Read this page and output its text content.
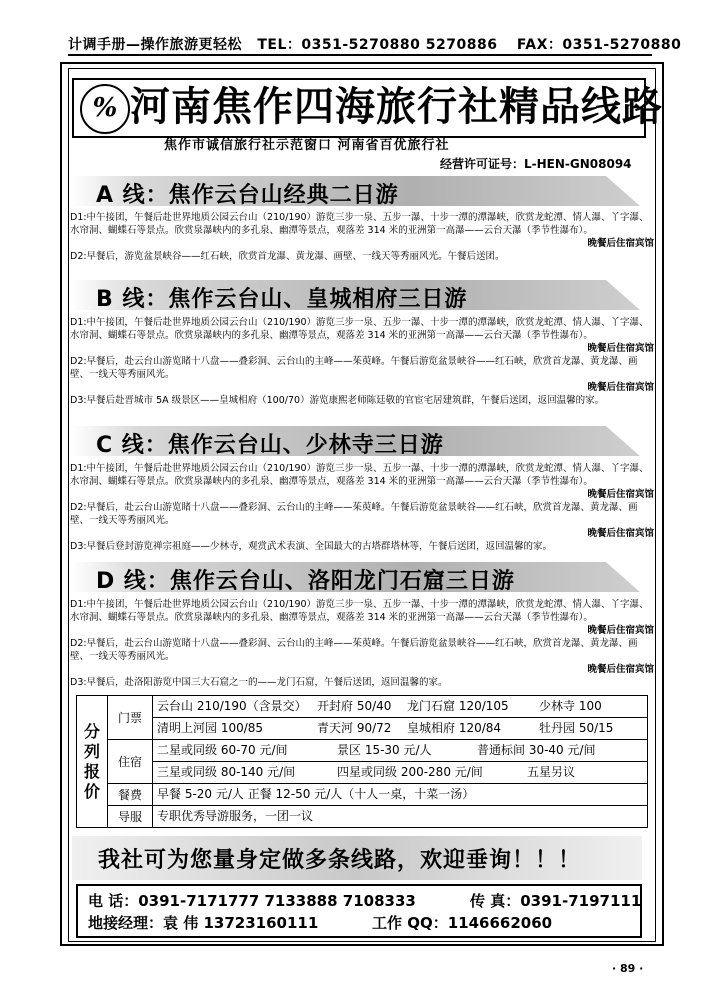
计调手册—操作旅游更轻松 TEL：0351-5270880 5270886 FAX：0351-5270880
% 河南焦作四海旅行社精品线路
焦作市诚信旅行社示范窗口 河南省百优旅行社
经营许可证号：L-HEN-GN08094
A 线：焦作云台山经典二日游

D1:中午接团，午餐后赴世界地质公园云台山（210/190）游览三步一泉、五步一瀑、十步一潭的潭瀑峡，欣赏龙蛇潭、情人瀑、丫字瀑、水帘洞、蝴蝶石等景点。欣赏泉瀑峡内的多孔泉、幽潭等景点，观落差 314 米的亚洲第一高瀑——云台天瀑（季节性瀑布）。

晚餐后住宿宾馆

D2:早餐后，游览盆景峡谷——红石峡，欣赏首龙瀑、黄龙瀑、画壁、一线天等秀丽风光。午餐后送团。

B 线：焦作云台山、皇城相府三日游

D1:中午接团，午餐后赴世界地质公园云台山（210/190）游览三步一泉、五步一瀑、十步一潭的潭瀑峡，欣赏龙蛇潭、情人瀑、丫字瀑、水帘洞、蝴蝶石等景点。欣赏泉瀑峡内的多孔泉、幽潭等景点，观落差 314 米的亚洲第一高瀑——云台天瀑（季节性瀑布）。

晚餐后住宿宾馆

D2:早餐后，赴云台山游览睹十八盘——叠彩洞、云台山的主峰——茱萸峰。午餐后游览盆景峡谷——红石峡，欣赏首龙瀑、黄龙瀑、画壁、一线天等秀丽风光。

晚餐后住宿宾馆

D3:早餐后赴晋城市 5A 级景区——皇城相府（100/70）游览康熙老师陈廷敬的官宦宅居建筑群，午餐后送团，返回温馨的家。

C 线：焦作云台山、少林寺三日游

D1:中午接团，午餐后赴世界地质公园云台山（210/190）游览三步一泉、五步一瀑、十步一潭的潭瀑峡，欣赏龙蛇潭、情人瀑、丫字瀑、水帘洞、蝴蝶石等景点。欣赏泉瀑峡内的多孔泉、幽潭等景点，观落差 314 米的亚洲第一高瀑——云台天瀑（季节性瀑布）。

晚餐后住宿宾馆

D2:早餐后，赴云台山游览睹十八盘——叠彩洞、云台山的主峰——茱萸峰。午餐后游览盆景峡谷——红石峡，欣赏首龙瀑、黄龙瀑、画壁、一线天等秀丽风光。

晚餐后住宿宾馆

D3:早餐后登封游览禅宗祖庭——少林寺，观赏武术表演、全国最大的古塔群塔林等，午餐后送团，返回温馨的家。

D 线：焦作云台山、洛阳龙门石窟三日游

D1:中午接团，午餐后赴世界地质公园云台山（210/190）游览三步一泉、五步一瀑、十步一潭的潭瀑峡，欣赏龙蛇潭、情人瀑、丫字瀑、水帘洞、蝴蝶石等景点。欣赏泉瀑峡内的多孔泉、幽潭等景点，观落差 314 米的亚洲第一高瀑——云台天瀑（季节性瀑布）。

晚餐后住宿宾馆

D2:早餐后，赴云台山游览睹十八盘——叠彩洞、云台山的主峰——茱萸峰。午餐后游览盆景峡谷——红石峡，欣赏首龙瀑、黄龙瀑、画壁、一线天等秀丽风光。

晚餐后住宿宾馆

D3:早餐后，赴洛阳游览中国三大石窟之一的——龙门石窟，午餐后送团，返回温馨的家。

分列报价	门票	云台山 210/190（含景交） 开封府 50/40 龙门石窟 120/105 少林寺 100
		清明上河园 100/85 青天河 90/72 皇城相府 120/84 牡丹园 50/15
	住宿	二星或同级 60-70 元/间 景区 15-30 元/人 普通标间 30-40 元/间
		三星或同级 80-140 元/间 四星或同级 200-280 元/间 五星另议
	餐费	早餐 5-20 元/人 正餐 12-50 元/人（十人一桌，十菜一汤）
	导服	专职优秀导游服务，一团一议
我社可为您量身定做多条线路，欢迎垂询！！！
电 话：0391-7171777 7133888 7108333	传 真：0391-7197111
地接经理：袁 伟 13723160111	工作 QQ：1146662060
· 89 ·
